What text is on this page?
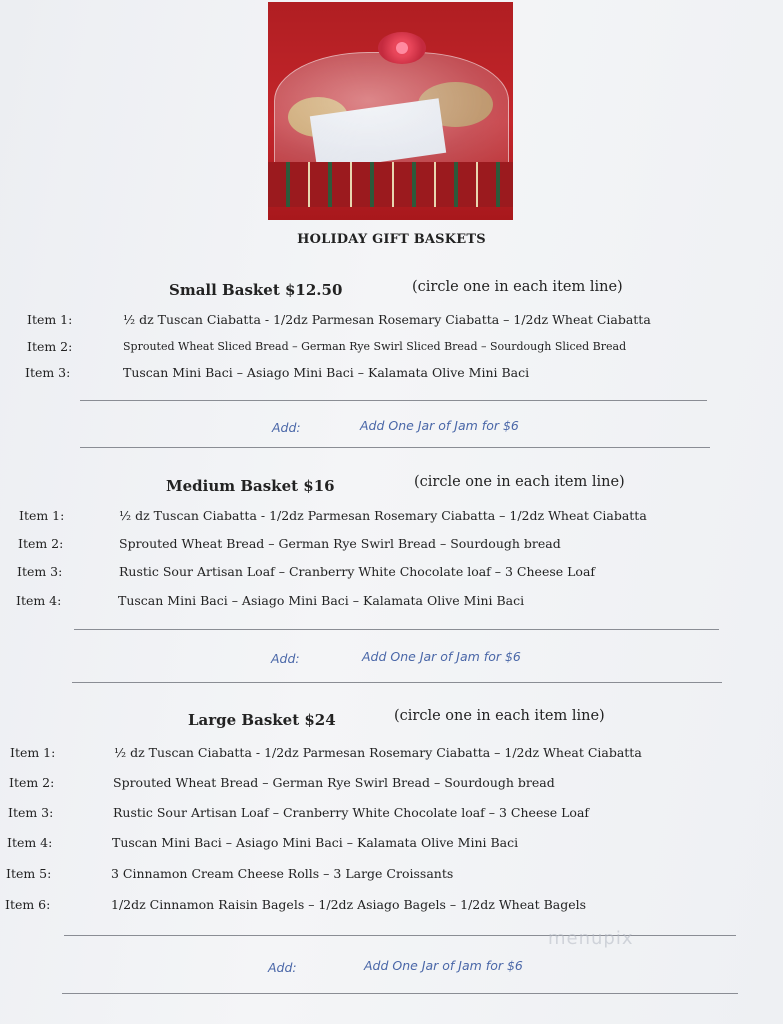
HOLIDAY GIFT BASKETS
Small Basket $12.50	(circle one in each item line)
Item 1:	½ dz Tuscan Ciabatta - 1/2dz Parmesan Rosemary Ciabatta – 1/2dz Wheat Ciabatta
Item 2:	Sprouted Wheat Sliced Bread – German Rye Swirl Sliced Bread – Sourdough Sliced Bread
Item 3:	Tuscan Mini Baci – Asiago Mini Baci – Kalamata Olive Mini Baci
Add:	Add One Jar of Jam for $6
Medium Basket $16	(circle one in each item line)
Item 1:	½ dz Tuscan Ciabatta - 1/2dz Parmesan Rosemary Ciabatta – 1/2dz Wheat Ciabatta
Item 2:	Sprouted Wheat Bread – German Rye Swirl Bread – Sourdough bread
Item 3:	Rustic Sour Artisan Loaf – Cranberry White Chocolate loaf – 3 Cheese Loaf
Item 4:	Tuscan Mini Baci – Asiago Mini Baci – Kalamata Olive Mini Baci
Add:	Add One Jar of Jam for $6
Large Basket $24	(circle one in each item line)
Item 1:	½ dz Tuscan Ciabatta - 1/2dz Parmesan Rosemary Ciabatta – 1/2dz Wheat Ciabatta
Item 2:	Sprouted Wheat Bread – German Rye Swirl Bread – Sourdough bread
Item 3:	Rustic Sour Artisan Loaf – Cranberry White Chocolate loaf – 3 Cheese Loaf
Item 4:	Tuscan Mini Baci – Asiago Mini Baci – Kalamata Olive Mini Baci
Item 5:	3 Cinnamon Cream Cheese Rolls – 3 Large Croissants
Item 6:	1/2dz Cinnamon Raisin Bagels – 1/2dz Asiago Bagels – 1/2dz Wheat Bagels
menupix
Add:	Add One Jar of Jam for $6
